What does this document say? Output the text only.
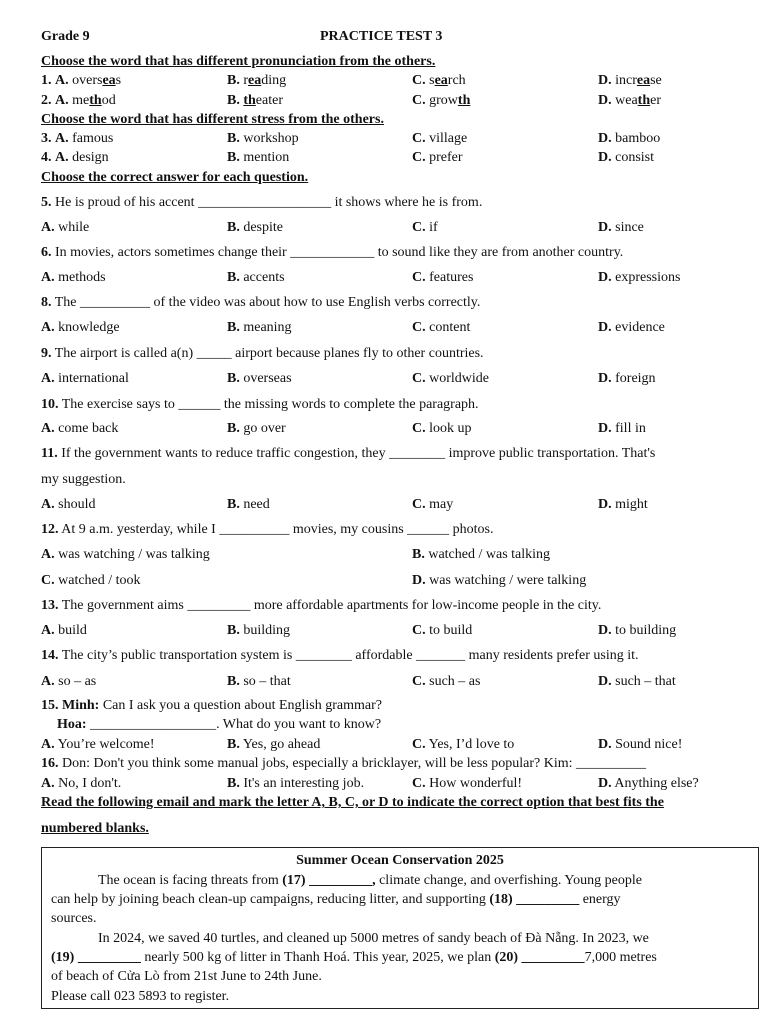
Grade 9	PRACTICE TEST 3
Choose the word that has different pronunciation from the others.
1. A. overseas	B. reading	C. search	D. increase
2. A. method	B. theater	C. growth	D. weather
Choose the word that has different stress from the others.
3. A. famous	B. workshop	C. village	D. bamboo
4. A. design	B. mention	C. prefer	D. consist
Choose the correct answer for each question.
5. He is proud of his accent ___________________ it shows where he is from.
A. while	B. despite	C. if	D. since
6. In movies, actors sometimes change their ____________ to sound like they are from another country.
A. methods	B. accents	C. features	D. expressions
8. The __________ of the video was about how to use English verbs correctly.
A. knowledge	B. meaning	C. content	D. evidence
9. The airport is called a(n) _____ airport because planes fly to other countries.
A. international	B. overseas	C. worldwide	D. foreign
10. The exercise says to ______ the missing words to complete the paragraph.
A. come back	B. go over	C. look up	D. fill in
11. If the government wants to reduce traffic congestion, they ________ improve public transportation. That's
my suggestion.
A. should	B. need	C. may	D. might
12. At 9 a.m. yesterday, while I __________ movies, my cousins ______ photos.
A. was watching / was talking	B. watched / was talking
C. watched / took	D. was watching / were talking
13. The government aims _________ more affordable apartments for low-income people in the city.
A. build	B. building	C. to build	D. to building
14. The city’s public transportation system is ________ affordable _______ many residents prefer using it.
A. so – as	B. so – that	C. such – as	D. such – that
15. Minh: Can I ask you a question about English grammar?
Hoa: __________________. What do you want to know?
A. You’re welcome!	B. Yes, go ahead	C. Yes, I’d love to	D. Sound nice!
16. Don: Don't you think some manual jobs, especially a bricklayer, will be less popular? Kim: __________
A. No, I don't.	B. It's an interesting job.	C. How wonderful!	D. Anything else?
Read the following email and mark the letter A, B, C, or D to indicate the correct option that best fits the
numbered blanks.
Summer Ocean Conservation 2025
The ocean is facing threats from (17) _________, climate change, and overfishing. Young people
can help by joining beach clean-up campaigns, reducing litter, and supporting (18) _________ energy
sources.
In 2024, we saved 40 turtles, and cleaned up 5000 metres of sandy beach of Đà Nẵng. In 2023, we
(19) _________ nearly 500 kg of litter in Thanh Hoá. This year, 2025, we plan (20) _________7,000 metres
of beach of Cửa Lò from 21st June to 24th June.
Please call 023 5893 to register.
